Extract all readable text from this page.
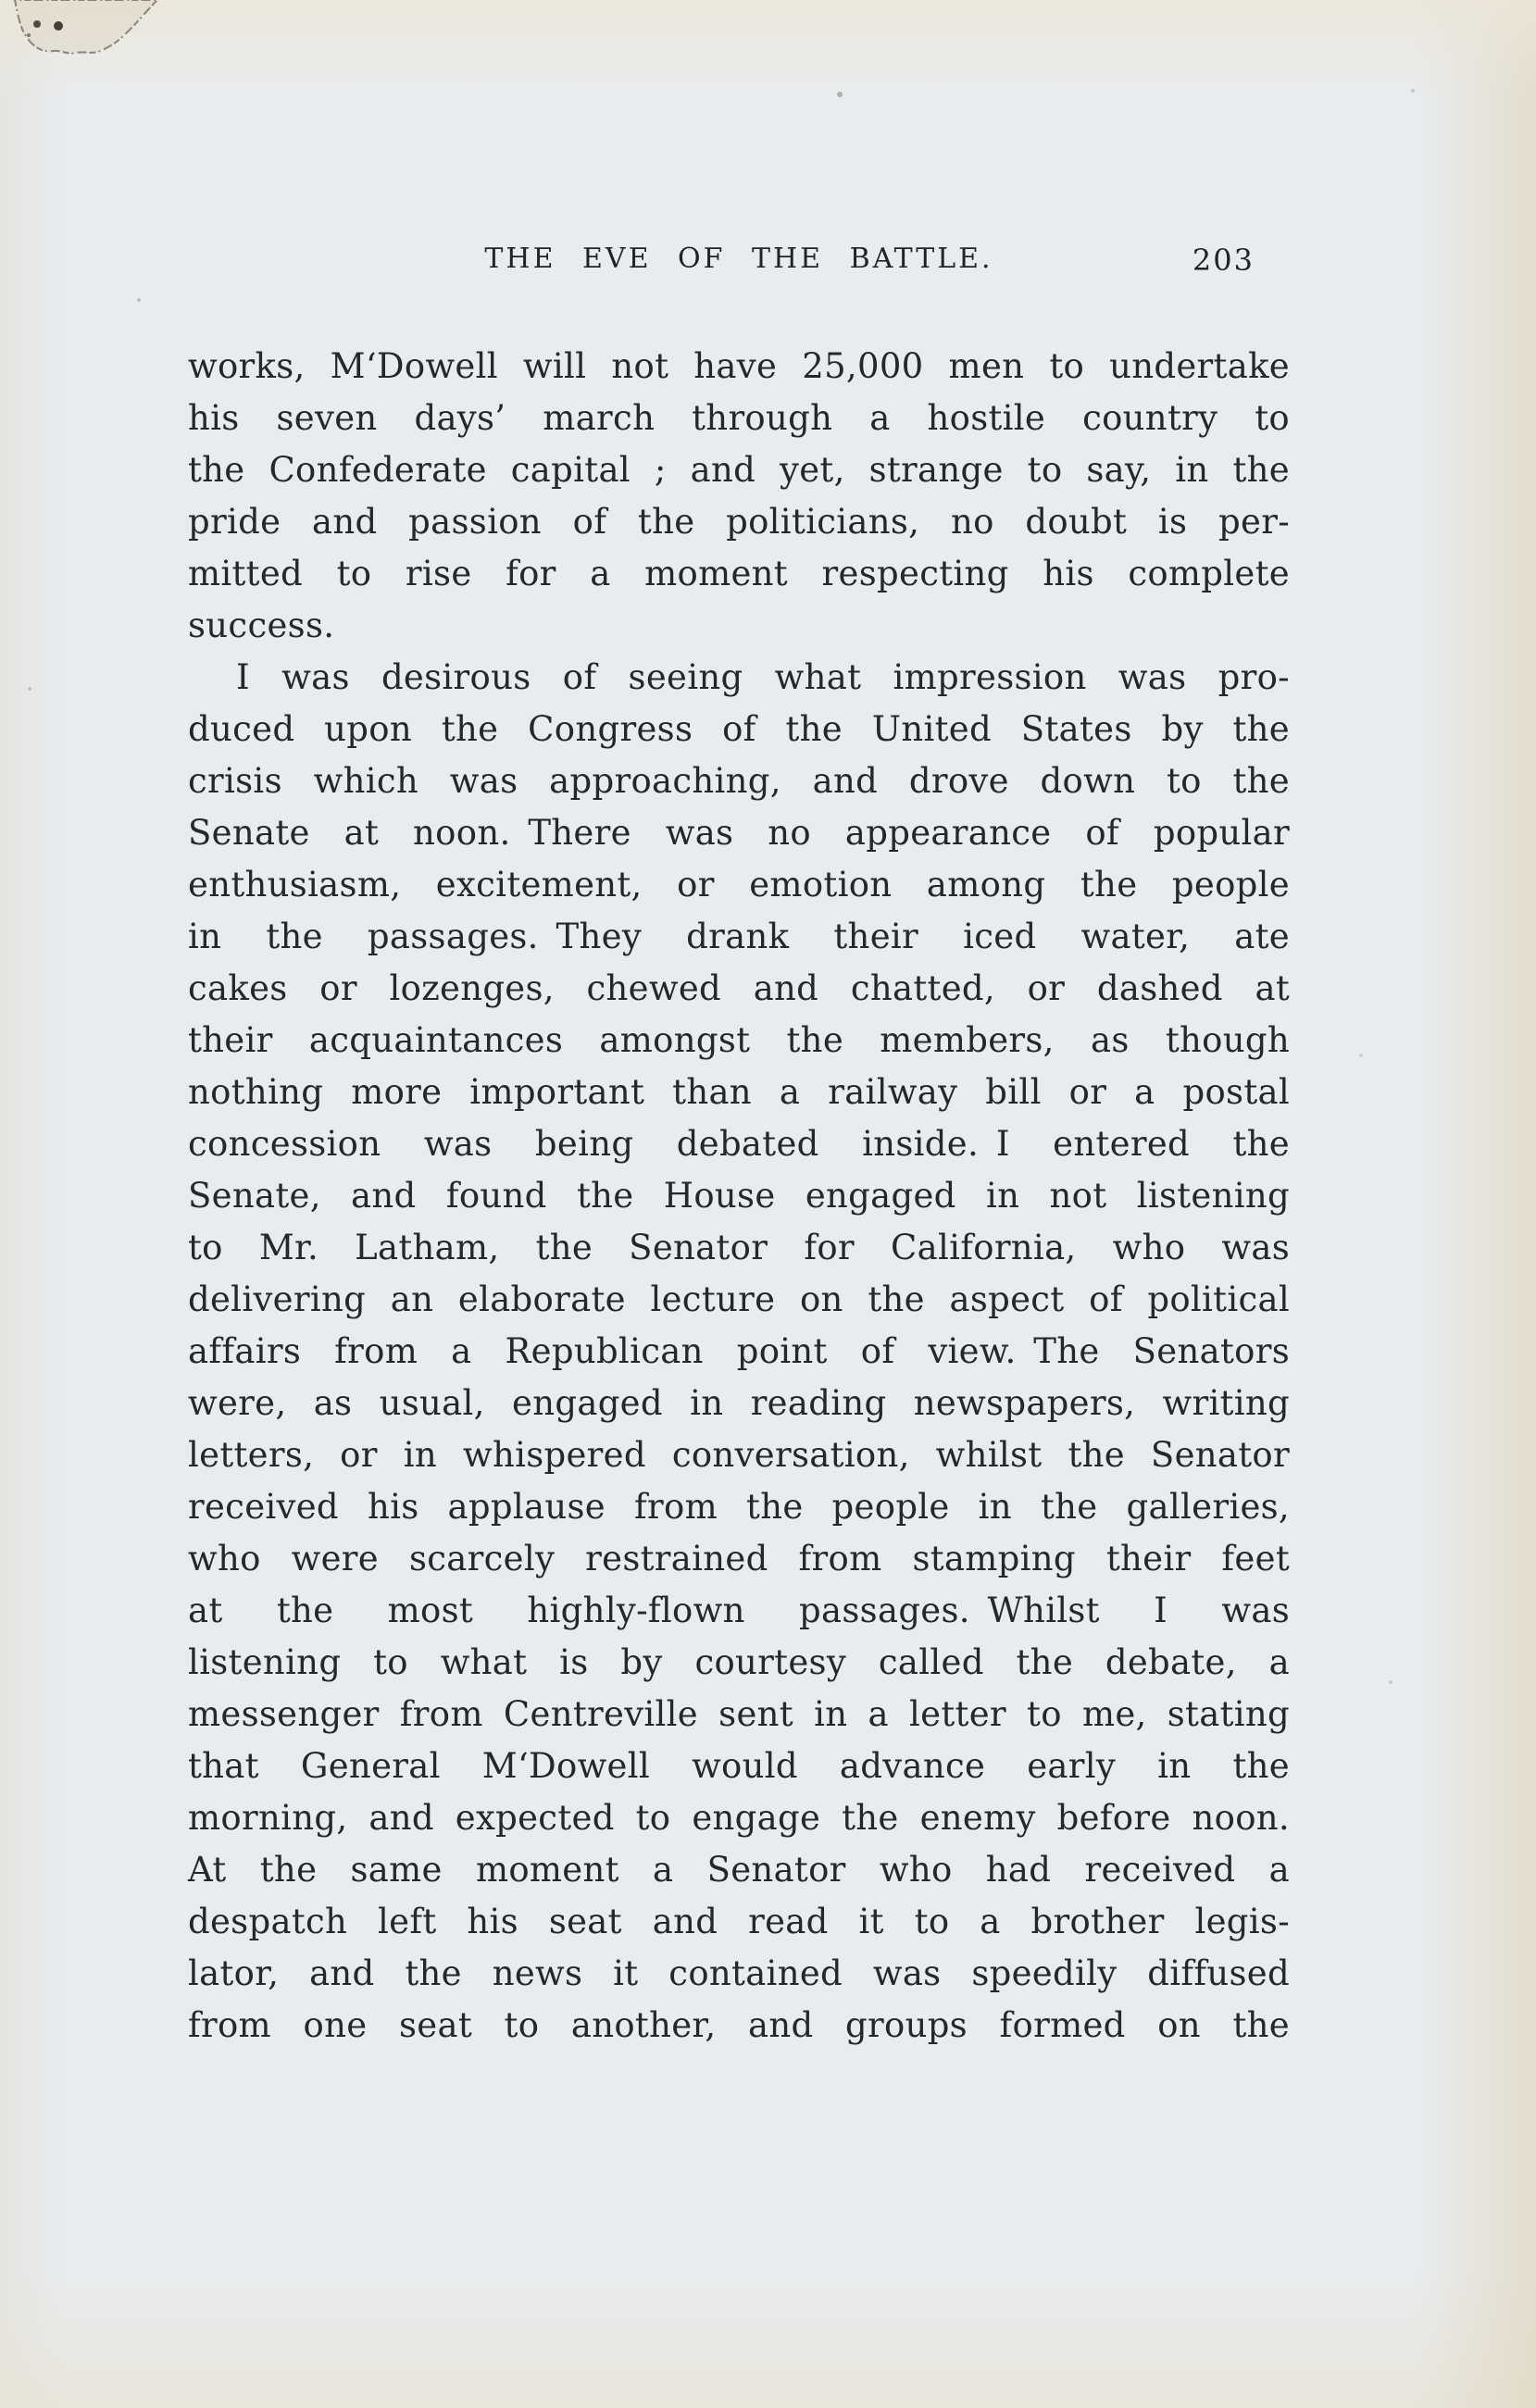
THE EVE OF THE BATTLE.	203
works, M‘Dowell will not have 25,000 men to undertake
his seven days’ march through a hostile country to
the Confederate capital ; and yet, strange to say, in the
pride and passion of the politicians, no doubt is per-
mitted to rise for a moment respecting his complete
success.
I was desirous of seeing what impression was pro-
duced upon the Congress of the United States by the
crisis which was approaching, and drove down to the
Senate at noon. There was no appearance of popular
enthusiasm, excitement, or emotion among the people
in the passages. They drank their iced water, ate
cakes or lozenges, chewed and chatted, or dashed at
their acquaintances amongst the members, as though
nothing more important than a railway bill or a postal
concession was being debated inside. I entered the
Senate, and found the House engaged in not listening
to Mr. Latham, the Senator for California, who was
delivering an elaborate lecture on the aspect of political
affairs from a Republican point of view. The Senators
were, as usual, engaged in reading newspapers, writing
letters, or in whispered conversation, whilst the Senator
received his applause from the people in the galleries,
who were scarcely restrained from stamping their feet
at the most highly-flown passages. Whilst I was
listening to what is by courtesy called the debate, a
messenger from Centreville sent in a letter to me, stating
that General M‘Dowell would advance early in the
morning, and expected to engage the enemy before noon.
At the same moment a Senator who had received a
despatch left his seat and read it to a brother legis-
lator, and the news it contained was speedily diffused
from one seat to another, and groups formed on the
